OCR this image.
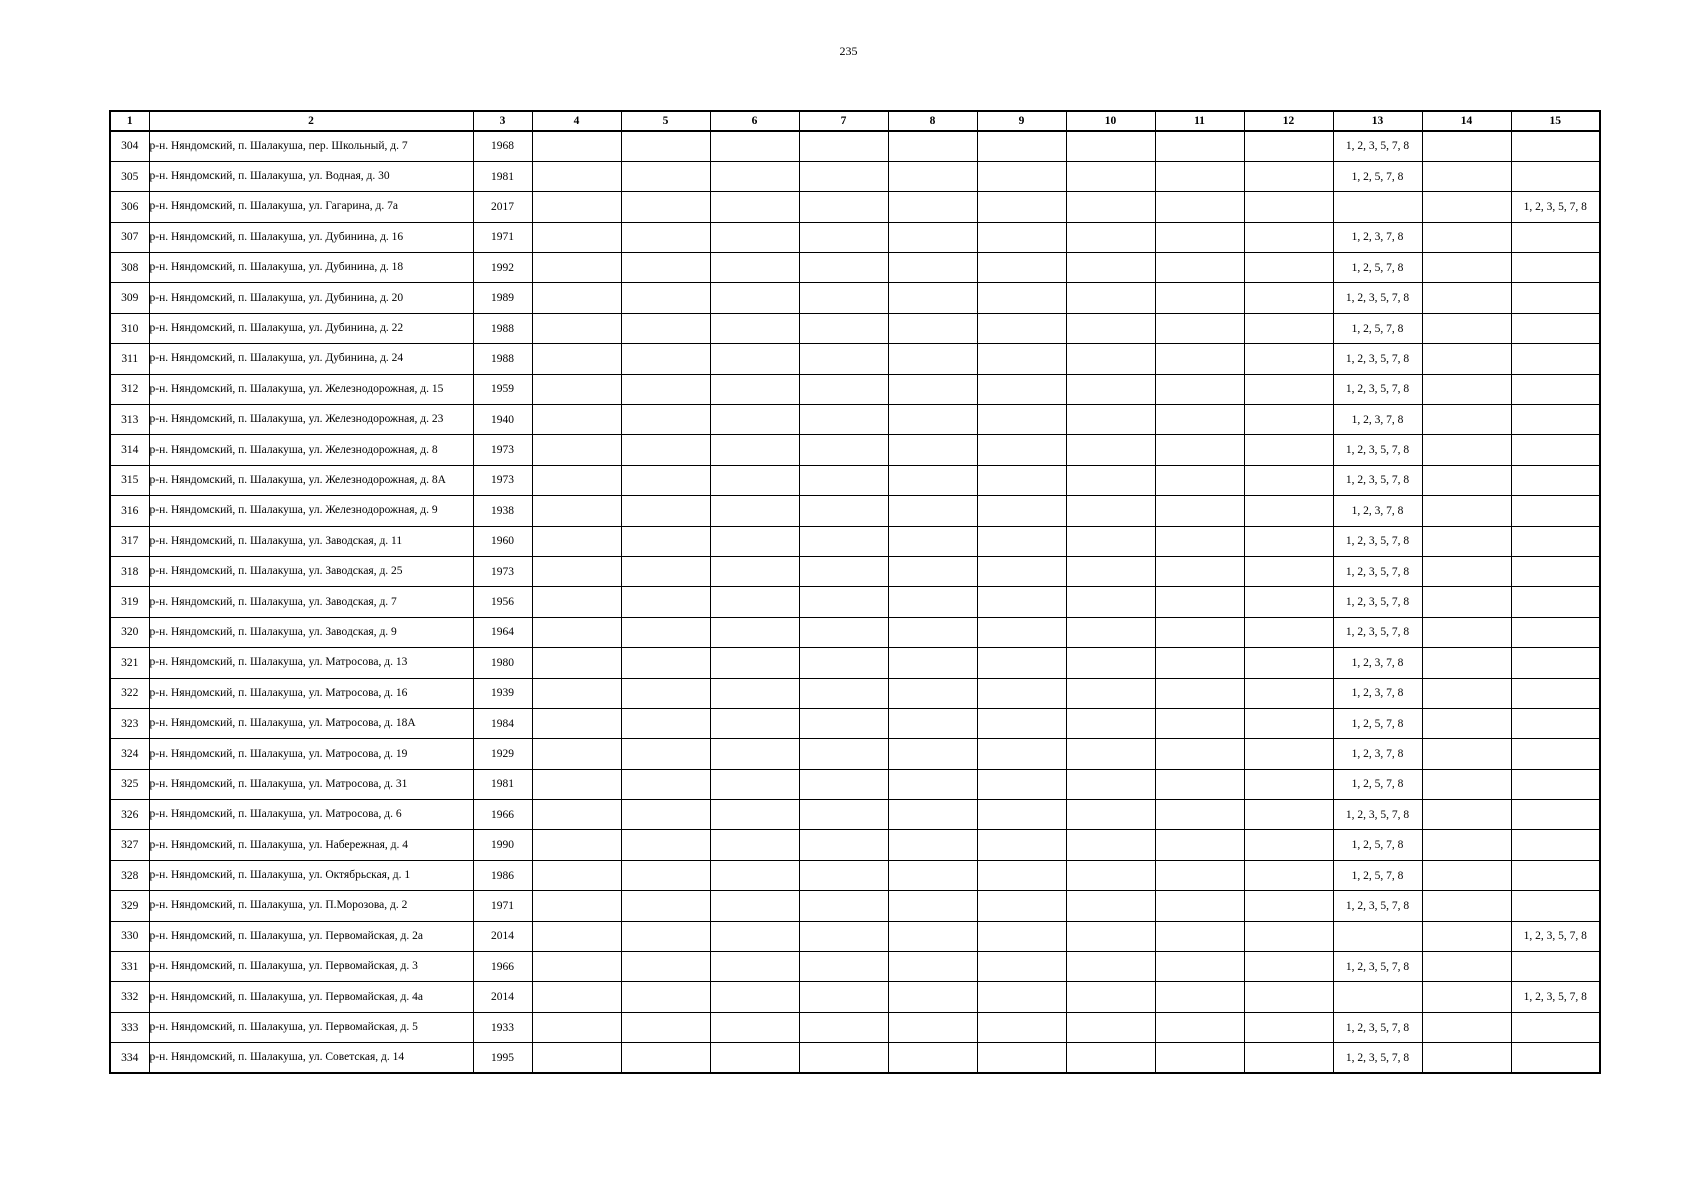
235
1	2	3	4	5	6	7	8	9	10	11	12	13	14	15
304	р-н. Няндомский, п. Шалакуша, пер. Школьный, д. 7	1968										1, 2, 3, 5, 7, 8		
305	р-н. Няндомский, п. Шалакуша, ул. Водная, д. 30	1981										1, 2, 5, 7, 8		
306	р-н. Няндомский, п. Шалакуша, ул. Гагарина, д. 7а	2017												1, 2, 3, 5, 7, 8
307	р-н. Няндомский, п. Шалакуша, ул. Дубинина, д. 16	1971										1, 2, 3, 7, 8		
308	р-н. Няндомский, п. Шалакуша, ул. Дубинина, д. 18	1992										1, 2, 5, 7, 8		
309	р-н. Няндомский, п. Шалакуша, ул. Дубинина, д. 20	1989										1, 2, 3, 5, 7, 8		
310	р-н. Няндомский, п. Шалакуша, ул. Дубинина, д. 22	1988										1, 2, 5, 7, 8		
311	р-н. Няндомский, п. Шалакуша, ул. Дубинина, д. 24	1988										1, 2, 3, 5, 7, 8		
312	р-н. Няндомский, п. Шалакуша, ул. Железнодорожная, д. 15	1959										1, 2, 3, 5, 7, 8		
313	р-н. Няндомский, п. Шалакуша, ул. Железнодорожная, д. 23	1940										1, 2, 3, 7, 8		
314	р-н. Няндомский, п. Шалакуша, ул. Железнодорожная, д. 8	1973										1, 2, 3, 5, 7, 8		
315	р-н. Няндомский, п. Шалакуша, ул. Железнодорожная, д. 8А	1973										1, 2, 3, 5, 7, 8		
316	р-н. Няндомский, п. Шалакуша, ул. Железнодорожная, д. 9	1938										1, 2, 3, 7, 8		
317	р-н. Няндомский, п. Шалакуша, ул. Заводская, д. 11	1960										1, 2, 3, 5, 7, 8		
318	р-н. Няндомский, п. Шалакуша, ул. Заводская, д. 25	1973										1, 2, 3, 5, 7, 8		
319	р-н. Няндомский, п. Шалакуша, ул. Заводская, д. 7	1956										1, 2, 3, 5, 7, 8		
320	р-н. Няндомский, п. Шалакуша, ул. Заводская, д. 9	1964										1, 2, 3, 5, 7, 8		
321	р-н. Няндомский, п. Шалакуша, ул. Матросова, д. 13	1980										1, 2, 3, 7, 8		
322	р-н. Няндомский, п. Шалакуша, ул. Матросова, д. 16	1939										1, 2, 3, 7, 8		
323	р-н. Няндомский, п. Шалакуша, ул. Матросова, д. 18А	1984										1, 2, 5, 7, 8		
324	р-н. Няндомский, п. Шалакуша, ул. Матросова, д. 19	1929										1, 2, 3, 7, 8		
325	р-н. Няндомский, п. Шалакуша, ул. Матросова, д. 31	1981										1, 2, 5, 7, 8		
326	р-н. Няндомский, п. Шалакуша, ул. Матросова, д. 6	1966										1, 2, 3, 5, 7, 8		
327	р-н. Няндомский, п. Шалакуша, ул. Набережная, д. 4	1990										1, 2, 5, 7, 8		
328	р-н. Няндомский, п. Шалакуша, ул. Октябрьская, д. 1	1986										1, 2, 5, 7, 8		
329	р-н. Няндомский, п. Шалакуша, ул. П.Морозова, д. 2	1971										1, 2, 3, 5, 7, 8		
330	р-н. Няндомский, п. Шалакуша, ул. Первомайская, д. 2а	2014												1, 2, 3, 5, 7, 8
331	р-н. Няндомский, п. Шалакуша, ул. Первомайская, д. 3	1966										1, 2, 3, 5, 7, 8		
332	р-н. Няндомский, п. Шалакуша, ул. Первомайская, д. 4а	2014												1, 2, 3, 5, 7, 8
333	р-н. Няндомский, п. Шалакуша, ул. Первомайская, д. 5	1933										1, 2, 3, 5, 7, 8		
334	р-н. Няндомский, п. Шалакуша, ул. Советская, д. 14	1995										1, 2, 3, 5, 7, 8		
